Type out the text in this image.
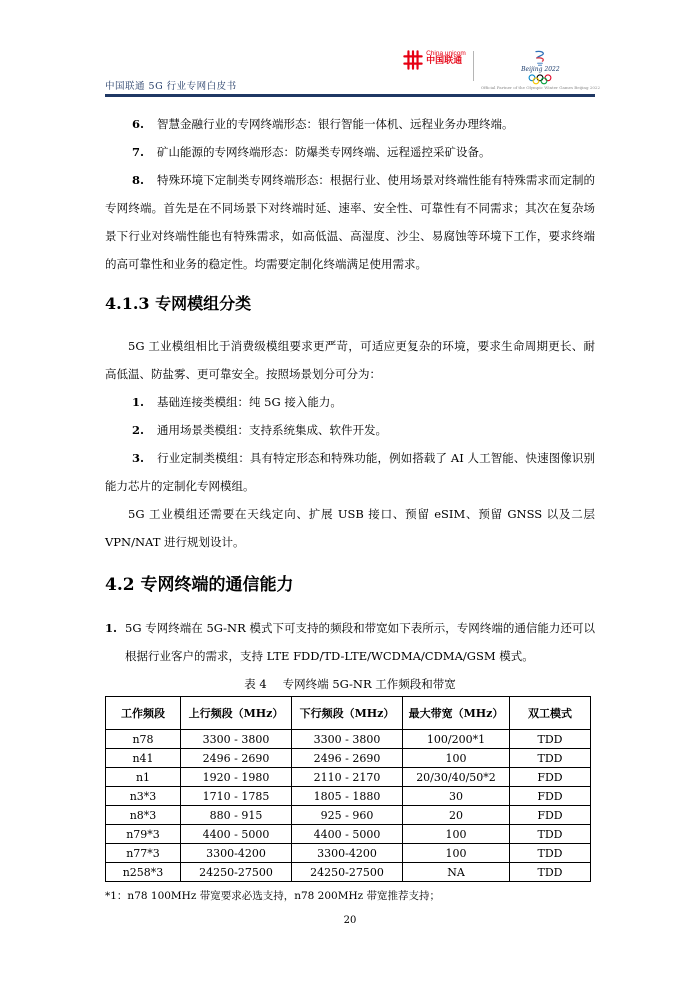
中国联通 5G 行业专网白皮书
China unicom
中国联通
Beijing 2022
Official Partner of the Olympic Winter Games Beijing 2022

6. 智慧金融行业的专网终端形态：银行智能一体机、远程业务办理终端。

7. 矿山能源的专网终端形态：防爆类专网终端、远程遥控采矿设备。

8. 特殊环境下定制类专网终端形态：根据行业、使用场景对终端性能有特殊需求而定制的专网终端。首先是在不同场景下对终端时延、速率、安全性、可靠性有不同需求；其次在复杂场景下行业对终端性能也有特殊需求，如高低温、高湿度、沙尘、易腐蚀等环境下工作，要求终端的高可靠性和业务的稳定性。均需要定制化终端满足使用需求。

4.1.3 专网模组分类

5G 工业模组相比于消费级模组要求更严苛，可适应更复杂的环境，要求生命周期更长、耐高低温、防盐雾、更可靠安全。按照场景划分可分为：

1. 基础连接类模组：纯 5G 接入能力。

2. 通用场景类模组：支持系统集成、软件开发。

3. 行业定制类模组：具有特定形态和特殊功能，例如搭载了 AI 人工智能、快速图像识别能力芯片的定制化专网模组。

5G 工业模组还需要在天线定向、扩展 USB 接口、预留 eSIM、预留 GNSS 以及二层 VPN/NAT 进行规划设计。

4.2 专网终端的通信能力
1. 5G 专网终端在 5G-NR 模式下可支持的频段和带宽如下表所示，专网终端的通信能力还可以根据行业客户的需求，支持 LTE FDD/TD-LTE/WCDMA/CDMA/GSM 模式。
表 4 专网终端 5G-NR 工作频段和带宽
工作频段	上行频段（MHz）	下行频段（MHz）	最大带宽（MHz）	双工模式
n78	3300 - 3800	3300 - 3800	100/200*1	TDD
n41	2496 - 2690	2496 - 2690	100	TDD
n1	1920 - 1980	2110 - 2170	20/30/40/50*2	FDD
n3*3	1710 - 1785	1805 - 1880	30	FDD
n8*3	880 - 915	925 - 960	20	FDD
n79*3	4400 - 5000	4400 - 5000	100	TDD
n77*3	3300-4200	3300-4200	100	TDD
n258*3	24250-27500	24250-27500	NA	TDD
*1：n78 100MHz 带宽要求必选支持，n78 200MHz 带宽推荐支持；
20
